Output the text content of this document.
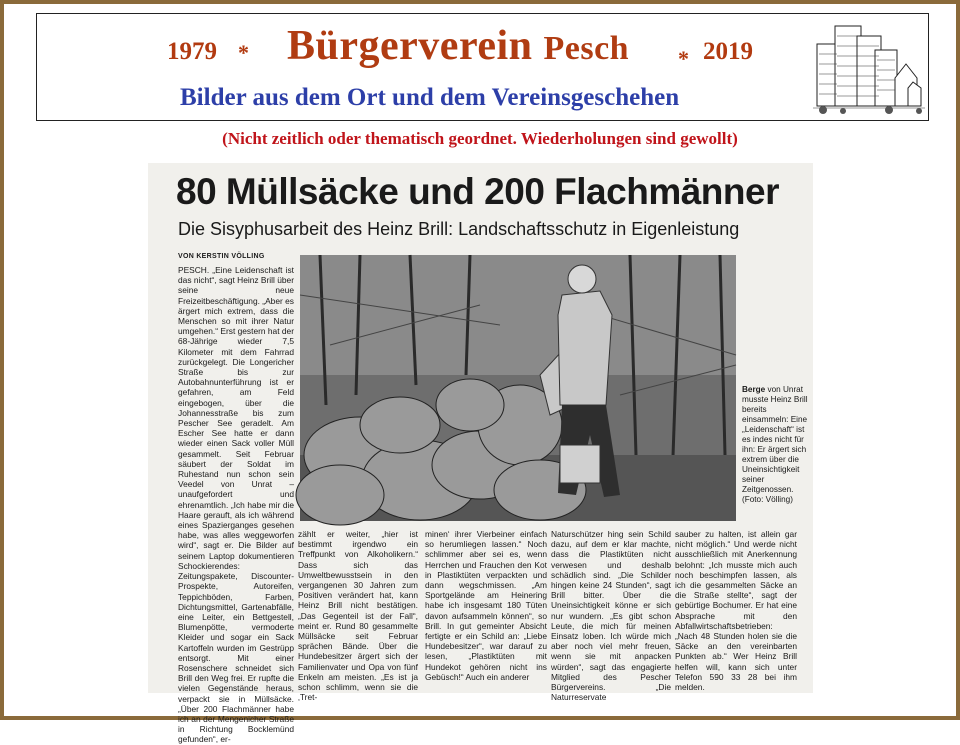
1979 * Bürgerverein Pesch * 2019
Bilder aus dem Ort und dem Vereinsgeschehen
(Nicht zeitlich oder thematisch geordnet. Wiederholungen sind gewollt)
80 Müllsäcke und 200 Flachmänner
Die Sisyphusarbeit des Heinz Brill: Landschaftsschutz in Eigenleistung
VON KERSTIN VÖLLING
PESCH. „Eine Leidenschaft ist das nicht“, sagt Heinz Brill über seine neue Freizeitbeschäftigung. „Aber es ärgert mich extrem, dass die Menschen so mit ihrer Natur umgehen.“ Erst gestern hat der 68-Jährige wieder 7,5 Kilometer mit dem Fahrrad zurückgelegt. Die Longericher Straße bis zur Autobahnunterführung ist er gefahren, am Feld eingebogen, über die Johannesstraße bis zum Pescher See geradelt. Am Escher See hatte er dann wieder einen Sack voller Müll gesammelt. Seit Februar säubert der Soldat im Ruhestand nun schon sein Veedel von Unrat – unaufgefordert und ehrenamtlich. „Ich habe mir die Haare gerauft, als ich während eines Spazierganges gesehen habe, was alles weggeworfen wird“, sagt er. Die Bilder auf seinem Laptop dokumentieren Schockierendes: Zeitungspakete, Discounter-Prospekte, Autoreifen, Teppichböden, Farben, Dichtungsmittel, Gartenabfälle, eine Leiter, ein Bettgestell, Blumenpötte, vermoderte Kleider und sogar ein Sack Kartoffeln wurden im Gestrüpp entsorgt. Mit einer Rosenschere schneidet sich Brill den Weg frei. Er rupfte die vielen Gegenstände heraus, verpackt sie in Müllsäcke. „Über 200 Flachmänner habe ich an der Mengenicher Straße in Richtung Bocklemünd gefunden“, er-
Berge von Unrat musste Heinz Brill bereits einsammeln: Eine „Leidenschaft“ ist es indes nicht für ihn: Er ärgert sich extrem über die Uneinsichtigkeit seiner Zeitgenossen. (Foto: Völling)
zählt er weiter, „hier ist bestimmt irgendwo ein Treffpunkt von Alkoholikern.“ Dass sich das Umweltbewusstsein in den vergangenen 30 Jahren zum Positiven verändert hat, kann Heinz Brill nicht bestätigen. „Das Gegenteil ist der Fall“, meint er. Rund 80 gesammelte Müllsäcke seit Februar sprächen Bände. Über die Hundebesitzer ärgert sich der Familienvater und Opa von fünf Enkeln am meisten. „Es ist ja schon schlimm, wenn sie die ‚Tret-
minen‘ ihrer Vierbeiner einfach so herumliegen lassen.“ Noch schlimmer aber sei es, wenn Herrchen und Frauchen den Kot in Plastiktüten verpackten und dann wegschmissen. „Am Sportgelände am Heinering habe ich insgesamt 180 Tüten davon aufsammeln können“, so Brill. In gut gemeinter Absicht fertigte er ein Schild an: „Liebe Hundebesitzer“, war darauf zu lesen, „Plastiktüten mit Hundekot gehören nicht ins Gebüsch!“ Auch ein anderer
Naturschützer hing sein Schild dazu, auf dem er klar machte, dass die Plastiktüten nicht verwesen und deshalb schädlich sind. „Die Schilder hingen keine 24 Stunden“, sagt Brill bitter. Über die Uneinsichtigkeit könne er sich nur wundern. „Es gibt schon Leute, die mich für meinen Einsatz loben. Ich würde mich aber noch viel mehr freuen, wenn sie mit anpacken würden“, sagt das engagierte Mitglied des Pescher Bürgervereins. „Die Naturreservate
sauber zu halten, ist allein gar nicht möglich.“ Und werde nicht ausschließlich mit Anerkennung belohnt: „Ich musste mich auch noch beschimpfen lassen, als ich die gesammelten Säcke an die Straße stellte“, sagt der gebürtige Bochumer. Er hat eine Absprache mit den Abfallwirtschaftsbetrieben: „Nach 48 Stunden holen sie die Säcke an den vereinbarten Punkten ab.“ Wer Heinz Brill helfen will, kann sich unter Telefon 590 33 28 bei ihm melden.
